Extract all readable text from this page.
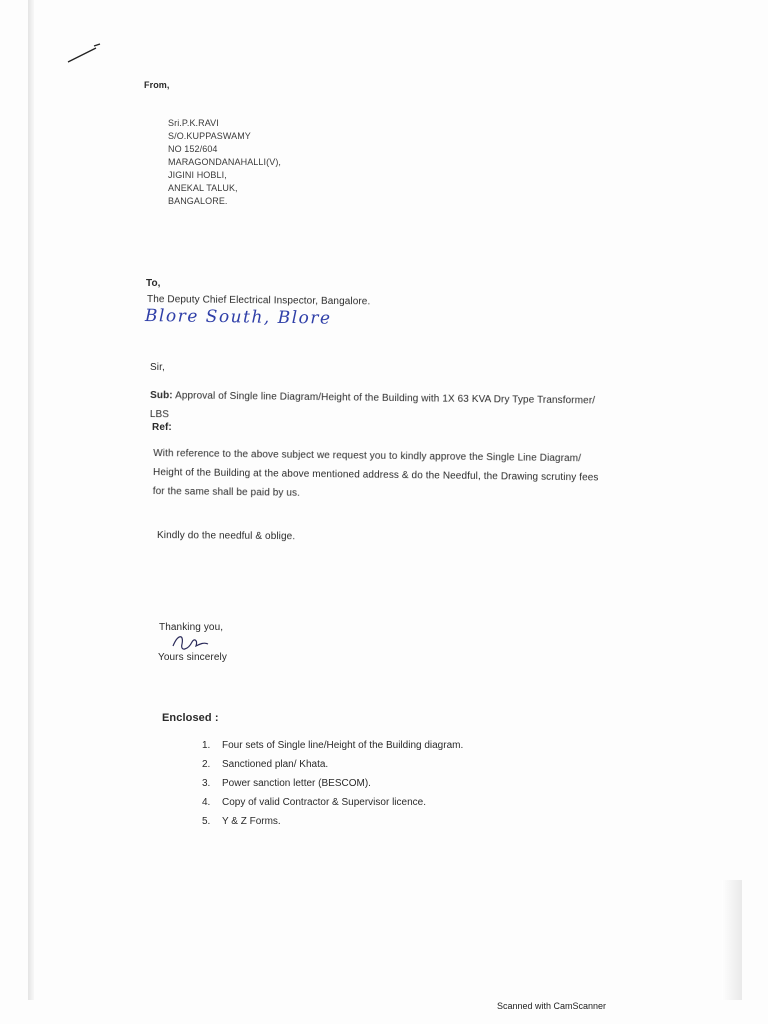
From,
Sri.P.K.RAVI
S/O.KUPPASWAMY
NO 152/604
MARAGONDANAHALLI(V),
JIGINI HOBLI,
ANEKAL TALUK,
BANGALORE.
To,
The Deputy Chief Electrical Inspector, Bangalore.
Blore South, Blore
Sir,
Sub: Approval of Single line Diagram/Height of the Building with 1X 63 KVA Dry Type Transformer/ LBS
Ref:
With reference to the above subject we request you to kindly approve the Single Line Diagram/ Height of the Building at the above mentioned address & do the Needful, the Drawing scrutiny fees for the same shall be paid by us.
Kindly do the needful & oblige.
Thanking you,
Yours sincerely
Enclosed :
1. Four sets of Single line/Height of the Building diagram.
2. Sanctioned plan/ Khata.
3. Power sanction letter (BESCOM).
4. Copy of valid Contractor & Supervisor licence.
5. Y & Z Forms.
Scanned with CamScanner
